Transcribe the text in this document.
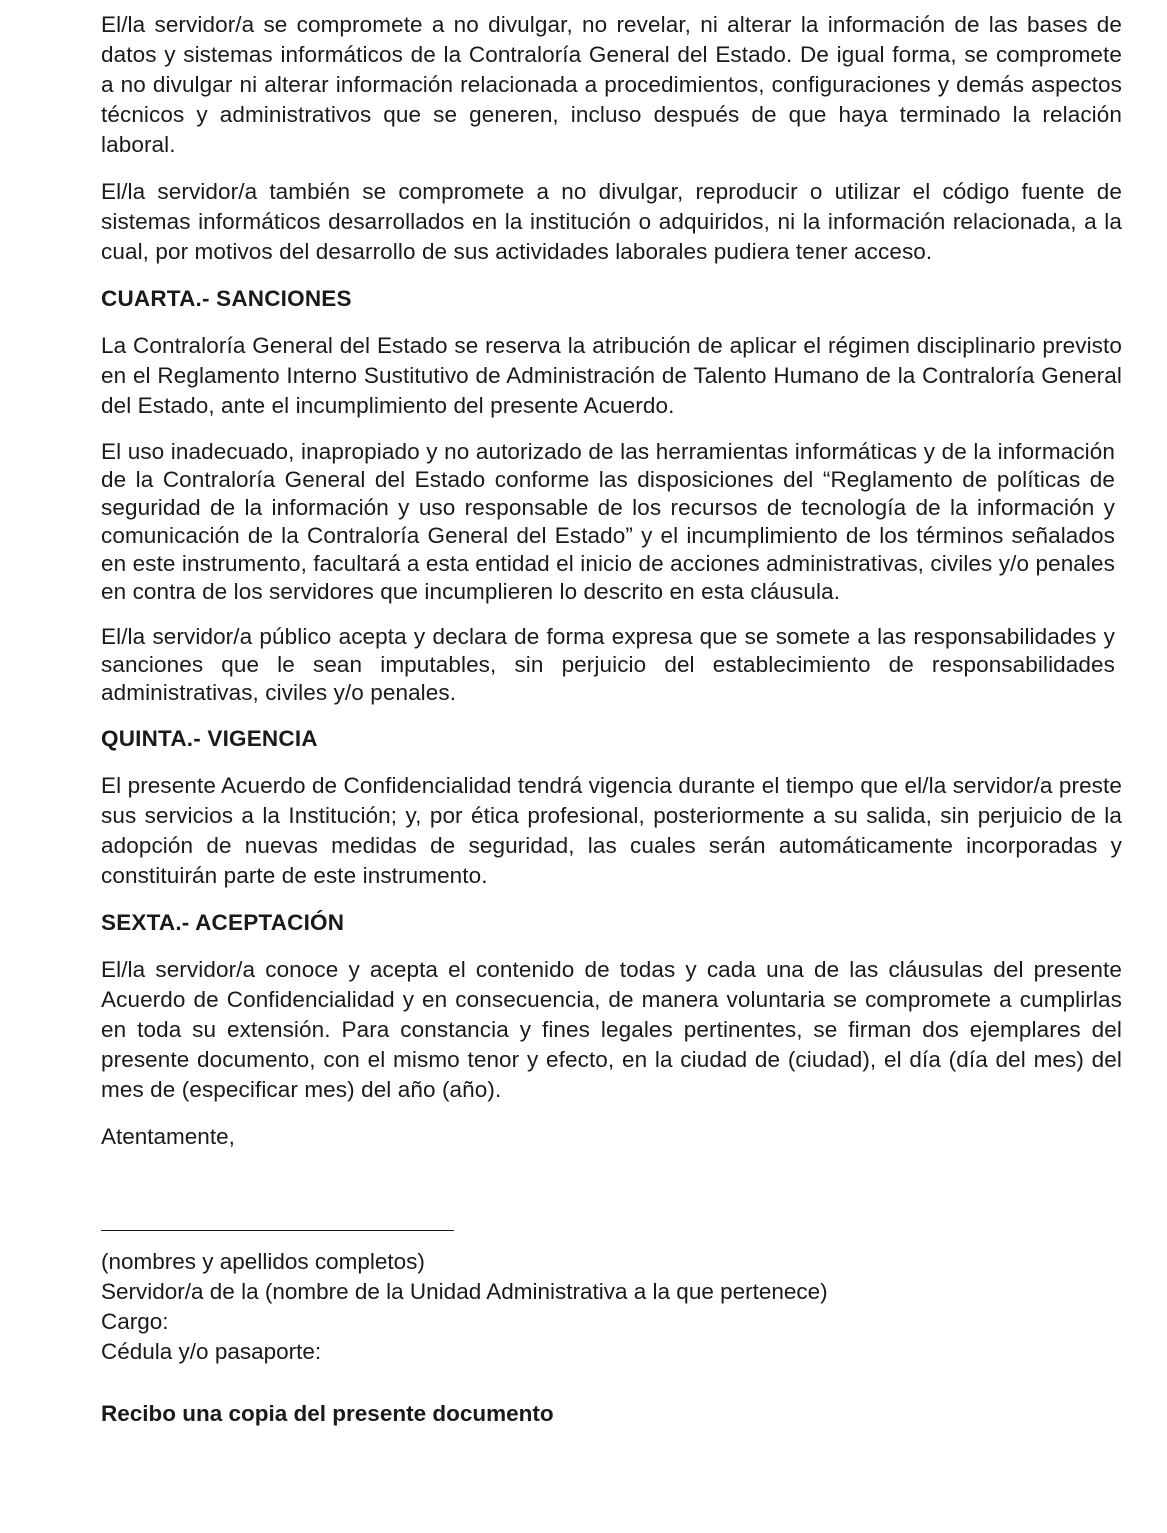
El/la servidor/a se compromete a no divulgar, no revelar, ni alterar la información de las bases de datos y sistemas informáticos de la Contraloría General del Estado. De igual forma, se compromete a no divulgar ni alterar información relacionada a procedimientos, configuraciones y demás aspectos técnicos y administrativos que se generen, incluso después de que haya terminado la relación laboral.

El/la servidor/a también se compromete a no divulgar, reproducir o utilizar el código fuente de sistemas informáticos desarrollados en la institución o adquiridos, ni la información relacionada, a la cual, por motivos del desarrollo de sus actividades laborales pudiera tener acceso.

CUARTA.- SANCIONES

La Contraloría General del Estado se reserva la atribución de aplicar el régimen disciplinario previsto en el Reglamento Interno Sustitutivo de Administración de Talento Humano de la Contraloría General del Estado, ante el incumplimiento del presente Acuerdo.

El uso inadecuado, inapropiado y no autorizado de las herramientas informáticas y de la información de la Contraloría General del Estado conforme las disposiciones del “Reglamento de políticas de seguridad de la información y uso responsable de los recursos de tecnología de la información y comunicación de la Contraloría General del Estado” y el incumplimiento de los términos señalados en este instrumento, facultará a esta entidad el inicio de acciones administrativas, civiles y/o penales en contra de los servidores que incumplieren lo descrito en esta cláusula.

El/la servidor/a público acepta y declara de forma expresa que se somete a las responsabilidades y sanciones que le sean imputables, sin perjuicio del establecimiento de responsabilidades administrativas, civiles y/o penales.

QUINTA.- VIGENCIA

El presente Acuerdo de Confidencialidad tendrá vigencia durante el tiempo que el/la servidor/a preste sus servicios a la Institución; y, por ética profesional, posteriormente a su salida, sin perjuicio de la adopción de nuevas medidas de seguridad, las cuales serán automáticamente incorporadas y constituirán parte de este instrumento.

SEXTA.- ACEPTACIÓN

El/la servidor/a conoce y acepta el contenido de todas y cada una de las cláusulas del presente Acuerdo de Confidencialidad y en consecuencia, de manera voluntaria se compromete a cumplirlas en toda su extensión. Para constancia y fines legales pertinentes, se firman dos ejemplares del presente documento, con el mismo tenor y efecto, en la ciudad de (ciudad), el día (día del mes) del mes de (especificar mes) del año (año).

Atentamente,
(nombres y apellidos completos)
Servidor/a de la (nombre de la Unidad Administrativa a la que pertenece)
Cargo:
Cédula y/o pasaporte:
Recibo una copia del presente documento
